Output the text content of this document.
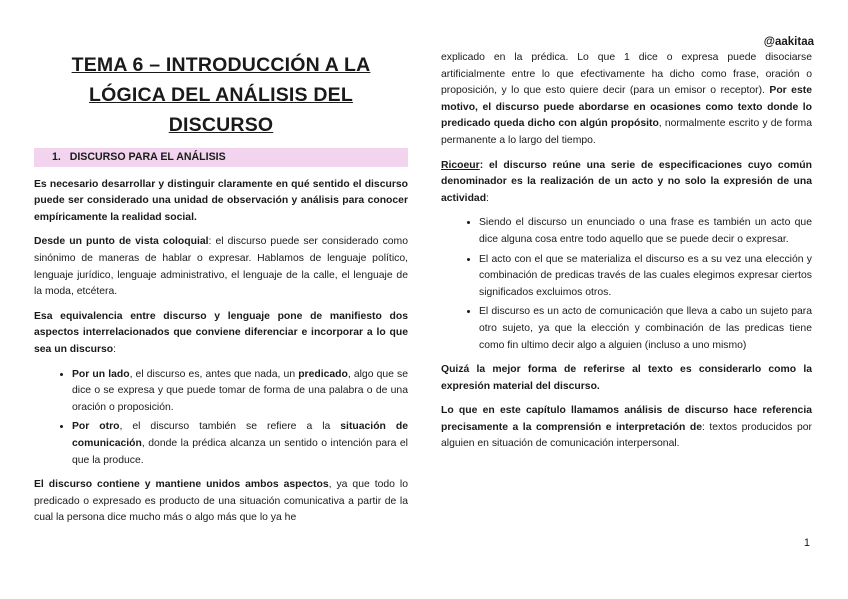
@aakitaa
TEMA 6 – INTRODUCCIÓN A LA
LÓGICA DEL ANÁLISIS DEL
DISCURSO
1. DISCURSO PARA EL ANÁLISIS

Es necesario desarrollar y distinguir claramente en qué sentido el discurso puede ser considerado una unidad de observación y análisis para conocer empíricamente la realidad social.

Desde un punto de vista coloquial: el discurso puede ser considerado como sinónimo de maneras de hablar o expresar. Hablamos de lenguaje político, lenguaje jurídico, lenguaje administrativo, el lenguaje de la calle, el lenguaje de la moda, etcétera.

Esa equivalencia entre discurso y lenguaje pone de manifiesto dos aspectos interrelacionados que conviene diferenciar e incorporar a lo que sea un discurso:

• Por un lado, el discurso es, antes que nada, un predicado, algo que se dice o se expresa y que puede tomar de forma de una palabra o de una oración o proposición.
• Por otro, el discurso también se refiere a la situación de comunicación, donde la prédica alcanza un sentido o intención para el que la produce.

El discurso contiene y mantiene unidos ambos aspectos, ya que todo lo predicado o expresado es producto de una situación comunicativa a partir de la cual la persona dice mucho más o algo más que lo ya he

explicado en la prédica. Lo que 1 dice o expresa puede disociarse artificialmente entre lo que efectivamente ha dicho como frase, oración o proposición, y lo que esto quiere decir (para un emisor o receptor). Por este motivo, el discurso puede abordarse en ocasiones como texto donde lo predicado queda dicho con algún propósito, normalmente escrito y de forma permanente a lo largo del tiempo.

Ricoeur: el discurso reúne una serie de especificaciones cuyo común denominador es la realización de un acto y no solo la expresión de una actividad:

• Siendo el discurso un enunciado o una frase es también un acto que dice alguna cosa entre todo aquello que se puede decir o expresar.
• El acto con el que se materializa el discurso es a su vez una elección y combinación de predicas través de las cuales elegimos expresar ciertos significados excluimos otros.
• El discurso es un acto de comunicación que lleva a cabo un sujeto para otro sujeto, ya que la elección y combinación de las predicas tiene como fin ultimo decir algo a alguien (incluso a uno mismo)

Quizá la mejor forma de referirse al texto es considerarlo como la expresión material del discurso.

Lo que en este capítulo llamamos análisis de discurso hace referencia precisamente a la comprensión e interpretación de: textos producidos por alguien en situación de comunicación interpersonal.

1
